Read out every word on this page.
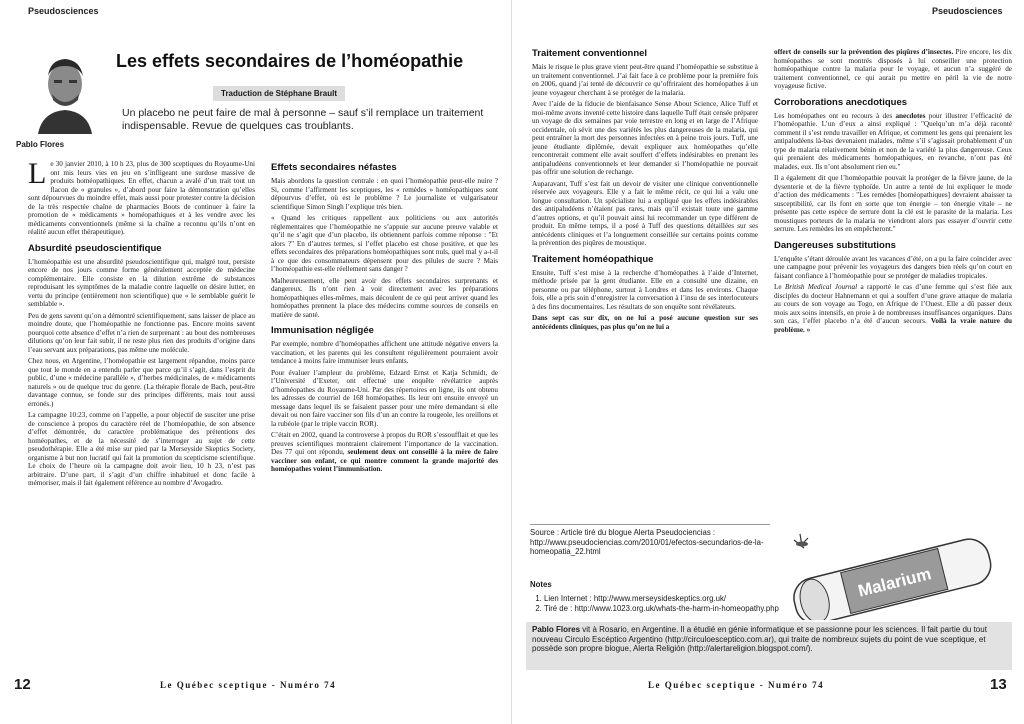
Pseudosciences
Pablo Flores
Les effets secondaires de l’homéopathie
Traduction de Stéphane Brault
Un placebo ne peut faire de mal à personne – sauf s’il remplace un traitement indispensable. Revue de quelques cas troublants.

Le 30 janvier 2010, à 10 h 23, plus de 300 sceptiques du Royaume-Uni ont mis leurs vies en jeu en s’infligeant une surdose massive de produits homéopathiques. En effet, chacun a avalé d’un trait tout un flacon de « granules », d’abord pour faire la démonstration qu’elles sont dépourvues du moindre effet, mais aussi pour protester contre la décision de la très respectée chaîne de pharmacies Boots de continuer à faire la promotion de « médicaments » homéopathiques et à les vendre avec les médicaments conventionnels (même si la chaîne a reconnu qu’ils n’ont en réalité aucun effet thérapeutique).

Absurdité pseudoscientifique

L’homéopathie est une absurdité pseudoscientifique qui, malgré tout, persiste encore de nos jours comme forme généralement acceptée de médecine complémentaire. Elle consiste en la dilution extrême de substances reproduisant les symptômes de la maladie contre laquelle on désire lutter, en vertu du principe (entièrement non scientifique) que « le semblable guérit le semblable ».

Peu de gens savent qu’on a démontré scientifiquement, sans laisser de place au moindre doute, que l’homéopathie ne fonctionne pas. Encore moins savent pourquoi cette absence d’effet n’a rien de surprenant : au bout des nombreuses dilutions qu’on leur fait subir, il ne reste plus rien des produits d’origine dans l’eau servant aux préparations, pas même une molécule.

Chez nous, en Argentine, l’homéopathie est largement répandue, moins parce que tout le monde en a entendu parler que parce qu’il s’agit, dans l’esprit du public, d’une « médecine parallèle », d’herbes médicinales, de « médicaments naturels » ou de quelque truc du genre. (La thérapie florale de Bach, peut-être davantage connue, se fonde sur des principes différents, mais tout aussi erronés.)

La campagne 10:23, comme on l’appelle, a pour objectif de susciter une prise de conscience à propos du caractère réel de l’homéopathie, de son absence d’effet démontrée, du caractère problématique des prétentions des homéopathes, et de la nécessité de s’interroger au sujet de cette pseudothérapie. Elle a été mise sur pied par la Merseyside Skeptics Society, organisme à but non lucratif qui fait la promotion du scepticisme scientifique. Le choix de l’heure où la campagne doit avoir lieu, 10 h 23, n’est pas arbitraire. D’une part, il s’agit d’un chiffre inhabituel et donc facile à mémoriser, mais il fait également référence au nombre d’Avogadro.

Effets secondaires néfastes

Mais abordons la question centrale : en quoi l’homéopathie peut-elle nuire ? Si, comme l’affirment les sceptiques, les « remèdes » homéopathiques sont dépourvus d’effet, où est le problème ? Le journaliste et vulgarisateur scientifique Simon Singh l’explique très bien.

« Quand les critiques rappellent aux politiciens ou aux autorités réglementaires que l’homéopathie ne s’appuie sur aucune preuve valable et qu’il ne s’agit que d’un placebo, ils obtiennent parfois comme réponse : "Et alors ?" En d’autres termes, si l’effet placebo est chose positive, et que les effets secondaires des préparations homéopathiques sont nuls, quel mal y a-t-il à ce que des consommateurs dépensent pour des pilules de sucre ? Mais l’homéopathie est-elle réellement sans danger ?

Malheureusement, elle peut avoir des effets secondaires surprenants et dangereux. Ils n’ont rien à voir directement avec les préparations homéopathiques elles-mêmes, mais découlent de ce qui peut arriver quand les homéopathes prennent la place des médecins comme sources de conseils en matière de santé.

Immunisation négligée

Par exemple, nombre d’homéopathes affichent une attitude négative envers la vaccination, et les parents qui les consultent régulièrement pourraient avoir tendance à moins faire immuniser leurs enfants.

Pour évaluer l’ampleur du problème, Edzard Ernst et Katja Schmidt, de l’Université d’Exeter, ont effectué une enquête révélatrice auprès d’homéopathes du Royaume-Uni. Par des répertoires en ligne, ils ont obtenu les adresses de courriel de 168 homéopathes. Ils leur ont ensuite envoyé un message dans lequel ils se faisaient passer pour une mère demandant si elle devait ou non faire vacciner son fils d’un an contre la rougeole, les oreillons et la rubéole (par le triple vaccin ROR).

C’était en 2002, quand la controverse à propos du ROR s’essoufflait et que les preuves scientifiques montraient clairement l’importance de la vaccination. Des 77 qui ont répondu, seulement deux ont conseillé à la mère de faire vacciner son enfant, ce qui montre comment la grande majorité des homéopathes voient l’immunisation.

12	Le Québec sceptique - Numéro 74
Pseudosciences
Traitement conventionnel

Mais le risque le plus grave vient peut-être quand l’homéopathie se substitue à un traitement conventionnel. J’ai fait face à ce problème pour la première fois en 2006, quand j’ai tenté de découvrir ce qu’offriraient des homéopathes à un jeune voyageur cherchant à se protéger de la malaria.

Avec l’aide de la fiducie de bienfaisance Sense About Science, Alice Tuff et moi-même avons inventé cette histoire dans laquelle Tuff était censée préparer un voyage de dix semaines par voie terrestre en long et en large de l’Afrique occidentale, où sévit une des variétés les plus dangereuses de la malaria, qui peut entraîner la mort des personnes infectées en à peine trois jours. Tuff, une jeune étudiante diplômée, devait expliquer aux homéopathes qu’elle rencontrerait comment elle avait souffert d’effets indésirables en prenant les antipaludéens conventionnels et leur demander si l’homéopathie ne pouvait pas offrir une solution de rechange.

Auparavant, Tuff s’est fait un devoir de visiter une clinique conventionnelle réservée aux voyageurs. Elle y a fait le même récit, ce qui lui a valu une longue consultation. Un spécialiste lui a expliqué que les effets indésirables des antipaludéens n’étaient pas rares, mais qu’il existait toute une gamme d’autres options, et qu’il pouvait ainsi lui recommander un type différent de produit. En même temps, il a posé à Tuff des questions détaillées sur ses antécédents cliniques et l’a longuement conseillée sur certains points comme la prévention des piqûres de moustique.

Traitement homéopathique

Ensuite, Tuff s’est mise à la recherche d’homéopathes à l’aide d’Internet, méthode prisée par la gent étudiante. Elle en a consulté une dizaine, en personne ou par téléphone, surtout à Londres et dans les environs. Chaque fois, elle a pris soin d’enregistrer la conversation à l’insu de ses interlocuteurs à des fins documentaires. Les résultats de son enquête sont révélateurs.

Dans sept cas sur dix, on ne lui a posé aucune question sur ses antécédents cliniques, pas plus qu’on ne lui a

offert de conseils sur la prévention des piqûres d’insectes. Pire encore, les dix homéopathes se sont montrés disposés à lui conseiller une protection homéopathique contre la malaria pour le voyage, et aucun n’a suggéré de traitement conventionnel, ce qui aurait pu mettre en péril la vie de notre voyageuse fictive.

Corroborations anecdotiques

Les homéopathes ont eu recours à des anecdotes pour illustrer l’efficacité de l’homéopathie. L’un d’eux a ainsi expliqué : "Quelqu’un m’a déjà raconté comment il s’est rendu travailler en Afrique, et comment les gens qui prenaient les antipaludéens là-bas devenaient malades, même s’il s’agissait probablement d’un type de malaria relativement bénin et non de la variété la plus dangereuse. Ceux qui prenaient des médicaments homéopathiques, en revanche, n’ont pas été malades, eux. Ils n’ont absolument rien eu."

Il a également dit que l’homéopathie pouvait la protéger de la fièvre jaune, de la dysenterie et de la fièvre typhoïde. Un autre a tenté de lui expliquer le mode d’action des médicaments : "Les remèdes [homéopathiques] devraient abaisser ta susceptibilité, car ils font en sorte que ton énergie – ton énergie vitale – ne présente pas cette espèce de serrure dont la clé est le parasite de la malaria. Les moustiques porteurs de la malaria ne viendront alors pas essayer d’ouvrir cette serrure. Les remèdes les en empêcheront."

Dangereuses substitutions

L’enquête s’étant déroulée avant les vacances d’été, on a pu la faire coïncider avec une campagne pour prévenir les voyageurs des dangers bien réels qu’on court en faisant confiance à l’homéopathie pour se protéger de maladies tropicales.

Le British Medical Journal a rapporté le cas d’une femme qui s’est fiée aux disciples du docteur Hahnemann et qui a souffert d’une grave attaque de malaria au cours de son voyage au Togo, en Afrique de l’Ouest. Elle a dû passer deux mois aux soins intensifs, en proie à de nombreuses insuffisances organiques. Dans son cas, l’effet placebo n’a été d’aucun secours. Voilà la vraie nature du problème. »

Source : Article tiré du blogue Alerta Pseudociencias : http://www.pseudociencias.com/2010/01/efectos-secundarios-de-la-homeopatia_22.html
Malarium
Notes
1. Lien Internet : http://www.merseysideskeptics.org.uk/
2. Tiré de : http://www.1023.org.uk/whats-the-harm-in-homeopathy.php
Pablo Flores vit à Rosario, en Argentine. Il a étudié en génie informatique et se passionne pour les sciences. Il fait partie du tout nouveau Circulo Escéptico Argentino (http://circuloesceptico.com.ar), qui traite de nombreux sujets du point de vue sceptique, et possède son propre blogue, Alerta Religión (http://alertareligion.blogspot.com/).
Le Québec sceptique - Numéro 74	13
